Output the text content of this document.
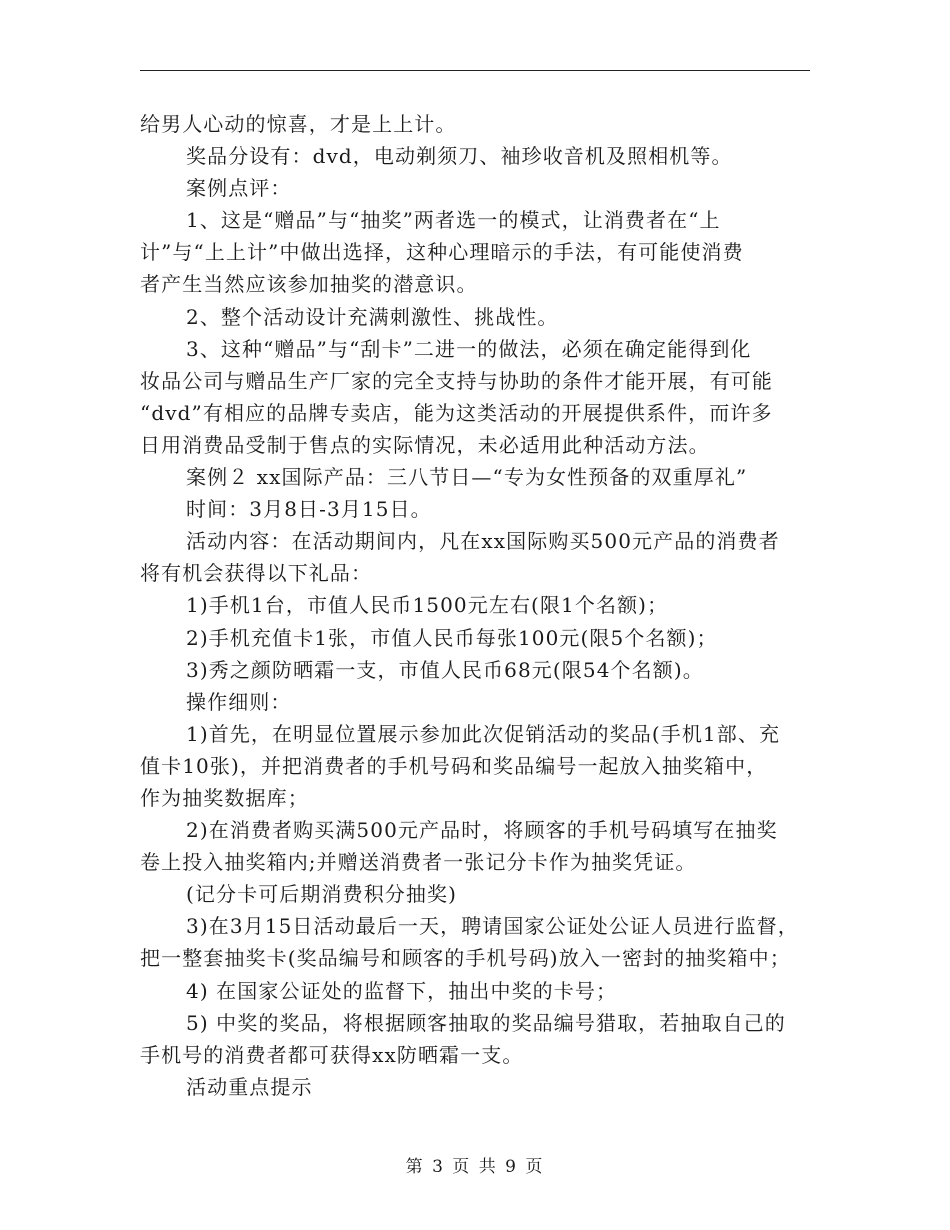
给男人心动的惊喜，才是上上计。
奖品分设有：dvd，电动剃须刀、袖珍收音机及照相机等。
案例点评：
1、这是“赠品”与“抽奖”两者选一的模式，让消费者在“上
计”与“上上计”中做出选择，这种心理暗示的手法，有可能使消费
者产生当然应该参加抽奖的潜意识。
2、整个活动设计充满刺激性、挑战性。
3、这种“赠品”与“刮卡”二进一的做法，必须在确定能得到化
妆品公司与赠品生产厂家的完全支持与协助的条件才能开展，有可能
“dvd”有相应的品牌专卖店，能为这类活动的开展提供系件，而许多
日用消费品受制于售点的实际情况，未必适用此种活动方法。
案例２ xx国际产品：三八节日—“专为女性预备的双重厚礼”
时间：3月8日-3月15日。
活动内容：在活动期间内，凡在xx国际购买500元产品的消费者
将有机会获得以下礼品：
1)手机1台，市值人民币1500元左右(限1个名额)；
2)手机充值卡1张，市值人民币每张100元(限5个名额)；
3)秀之颜防晒霜一支，市值人民币68元(限54个名额)。
操作细则：
1)首先，在明显位置展示参加此次促销活动的奖品(手机1部、充
值卡10张)，并把消费者的手机号码和奖品编号一起放入抽奖箱中，
作为抽奖数据库；
2)在消费者购买满500元产品时，将顾客的手机号码填写在抽奖
卷上投入抽奖箱内;并赠送消费者一张记分卡作为抽奖凭证。
(记分卡可后期消费积分抽奖)
3)在3月15日活动最后一天，聘请国家公证处公证人员进行监督，
把一整套抽奖卡(奖品编号和顾客的手机号码)放入一密封的抽奖箱中；
4) 在国家公证处的监督下，抽出中奖的卡号；
5) 中奖的奖品，将根据顾客抽取的奖品编号猎取，若抽取自己的
手机号的消费者都可获得xx防晒霜一支。
活动重点提示
第 3 页 共 9 页
